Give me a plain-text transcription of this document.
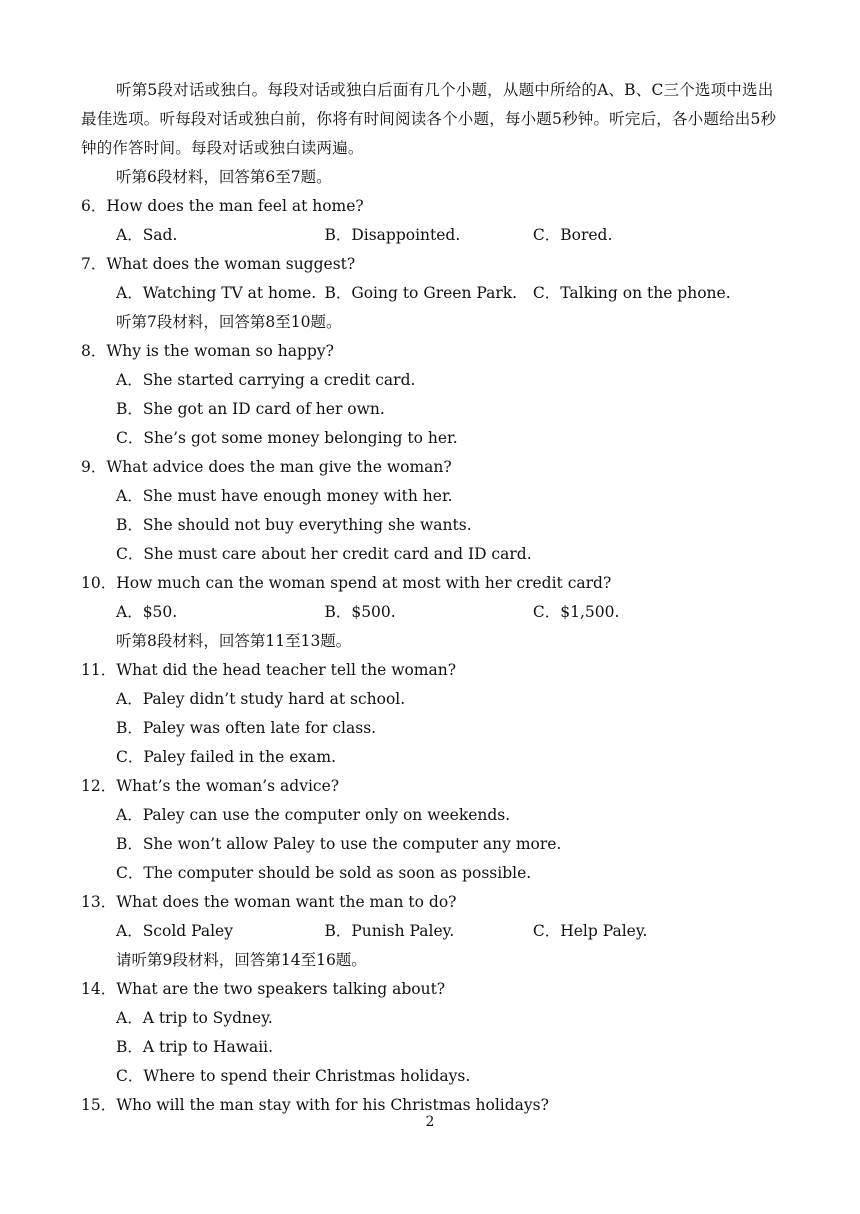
听第5段对话或独白。每段对话或独白后面有几个小题，从题中所给的A、B、C三个选项中选出最佳选项。听每段对话或独白前，你将有时间阅读各个小题，每小题5秒钟。听完后，各小题给出5秒钟的作答时间。每段对话或独白读两遍。

听第6段材料，回答第6至7题。
6．How does the man feel at home?
A．Sad.	B．Disappointed.	C．Bored.
7．What does the woman suggest?
A．Watching TV at home. B．Going to Green Park.	C．Talking on the phone.
听第7段材料，回答第8至10题。
8．Why is the woman so happy?
A．She started carrying a credit card.
B．She got an ID card of her own.
C．She’s got some money belonging to her.
9．What advice does the man give the woman?
A．She must have enough money with her.
B．She should not buy everything she wants.
C．She must care about her credit card and ID card.
10．How much can the woman spend at most with her credit card?
A．$50.	B．$500.	C．$1,500.
听第8段材料，回答第11至13题。
11．What did the head teacher tell the woman?
A．Paley didn’t study hard at school.
B．Paley was often late for class.
C．Paley failed in the exam.
12．What’s the woman’s advice?
A．Paley can use the computer only on weekends.
B．She won’t allow Paley to use the computer any more.
C．The computer should be sold as soon as possible.
13．What does the woman want the man to do?
A．Scold Paley	B．Punish Paley.	C．Help Paley.
请听第9段材料，回答第14至16题。
14．What are the two speakers talking about?
A．A trip to Sydney.
B．A trip to Hawaii.
C．Where to spend their Christmas holidays.
15．Who will the man stay with for his Christmas holidays?
2
